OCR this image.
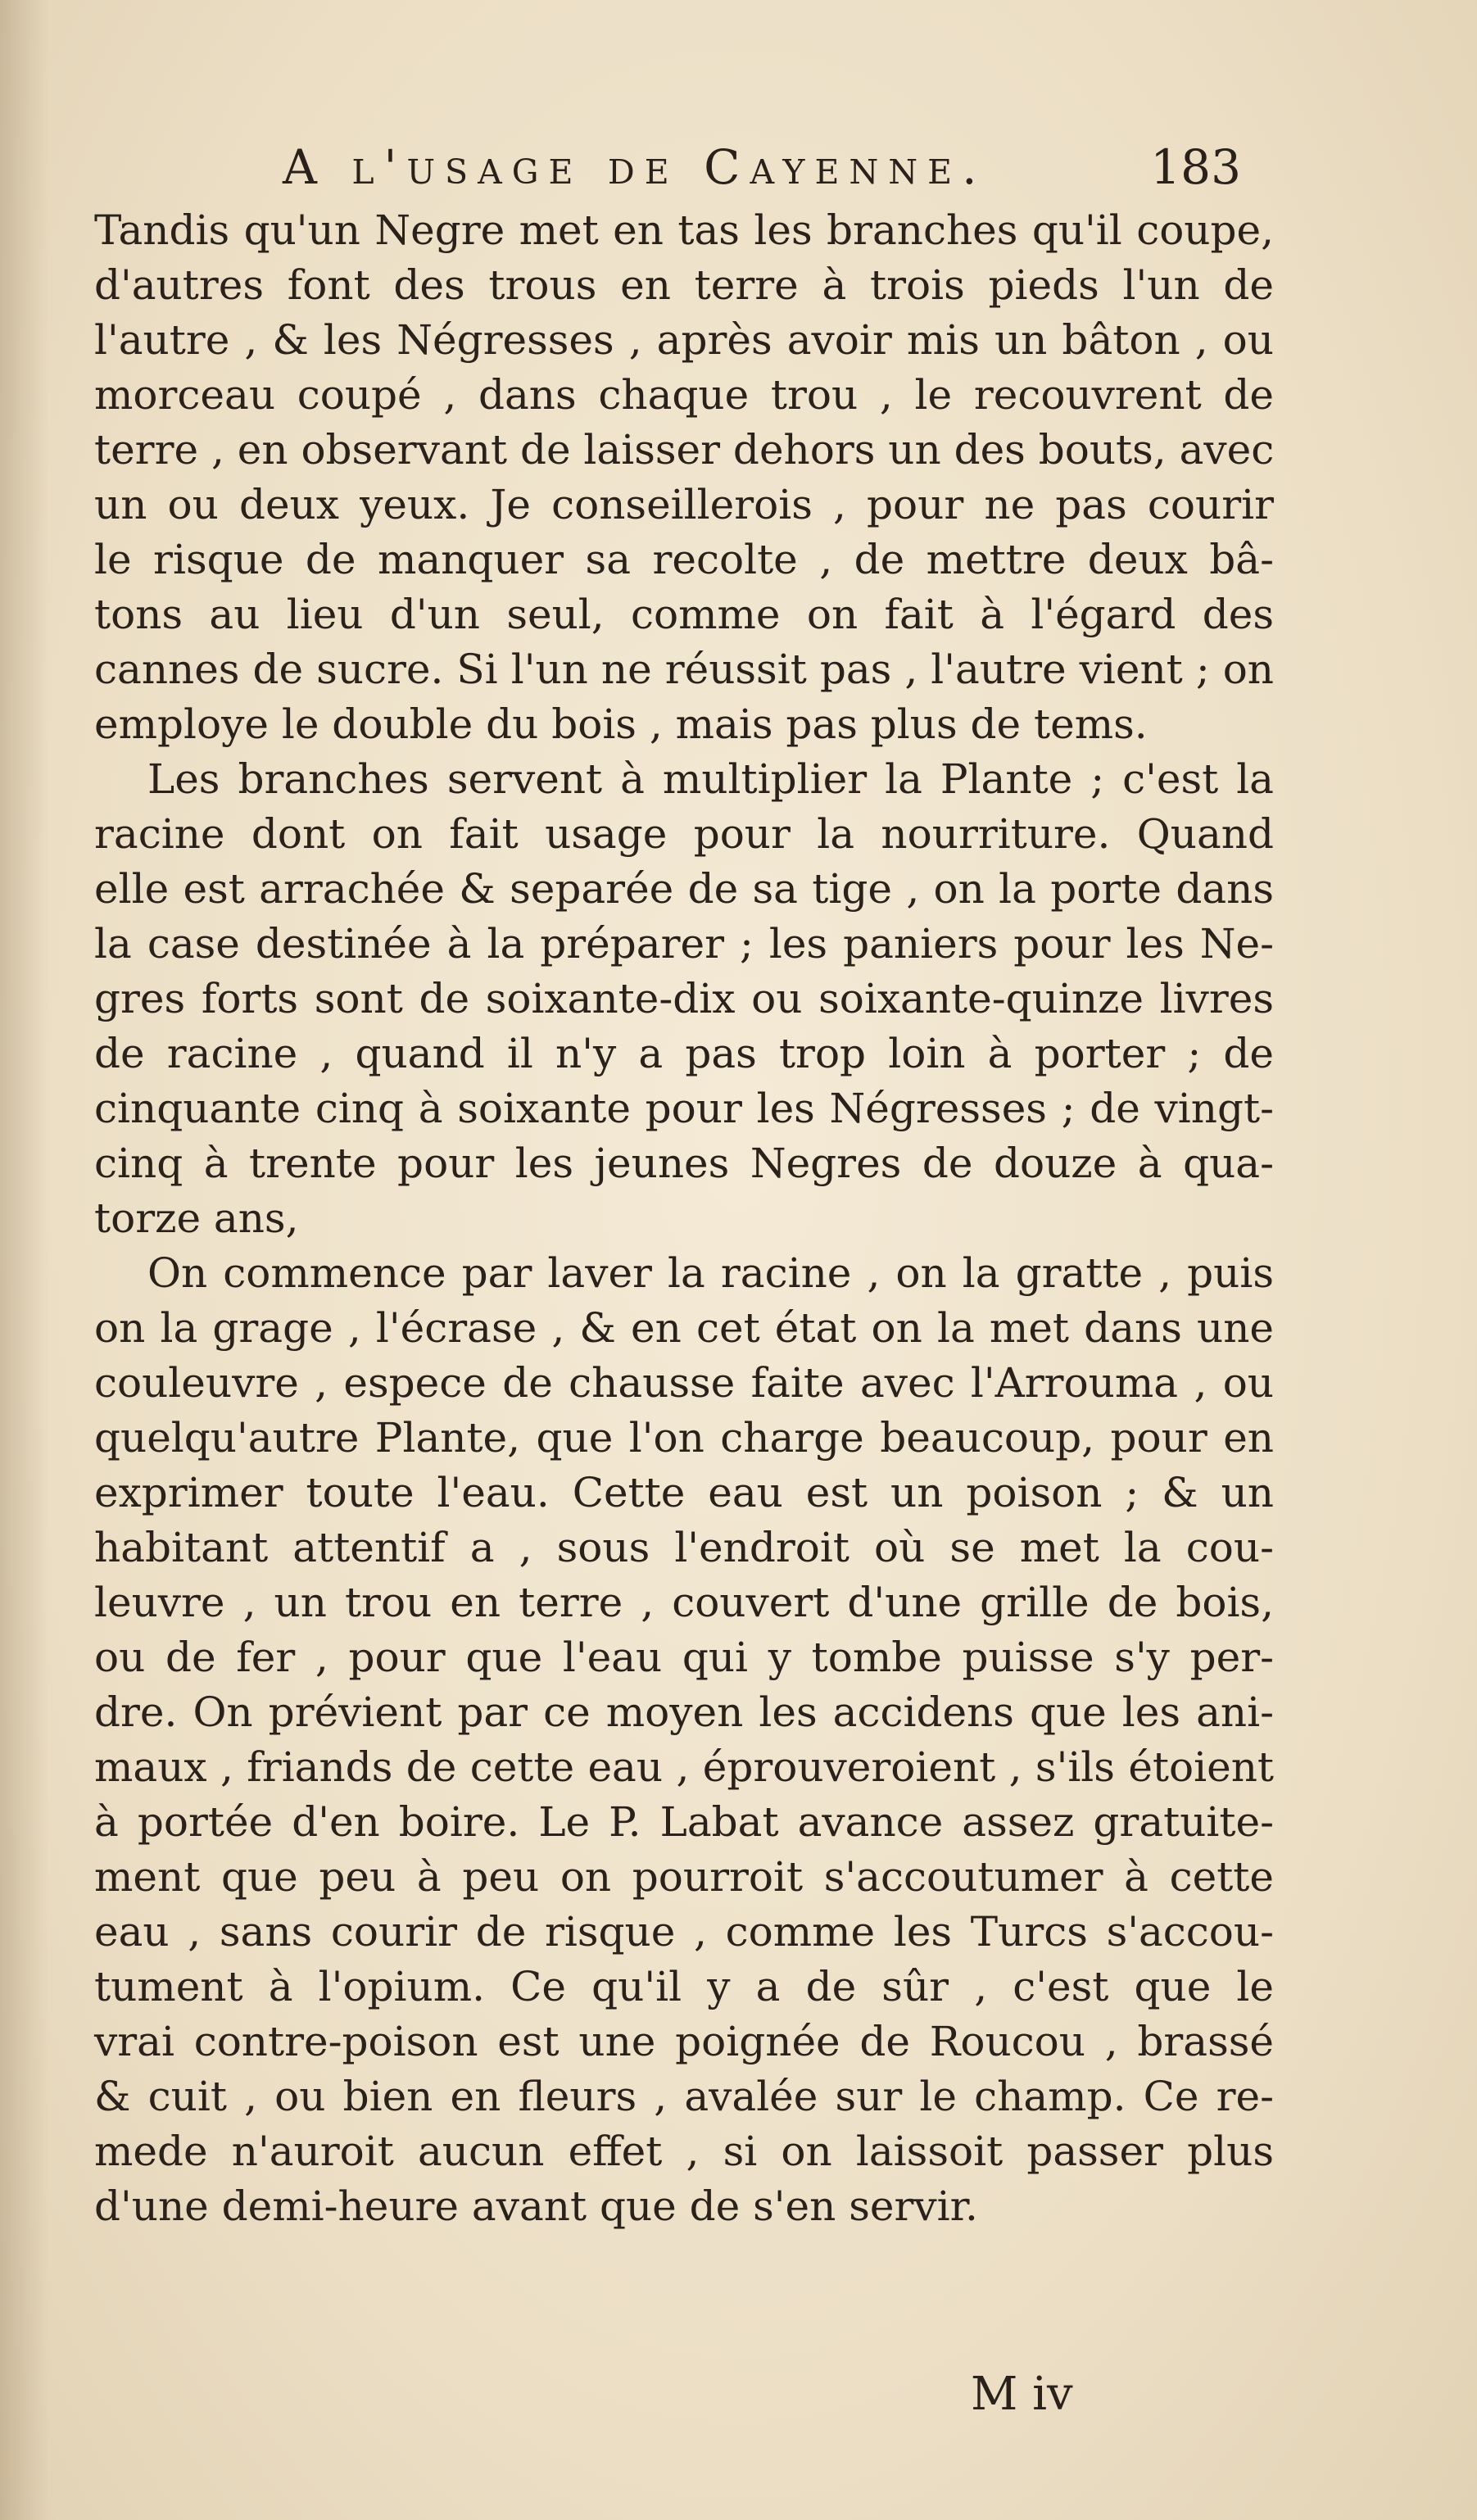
A l'usage de Cayenne.	183
Tandis qu'un Negre met en tas les branches qu'il coupe,
d'autres font des trous en terre à trois pieds l'un de
l'autre , & les Négresses , après avoir mis un bâton , ou
morceau coupé , dans chaque trou , le recouvrent de
terre , en observant de laisser dehors un des bouts, avec
un ou deux yeux. Je conseillerois , pour ne pas courir
le risque de manquer sa recolte , de mettre deux bâ-
tons au lieu d'un seul, comme on fait à l'égard des
cannes de sucre. Si l'un ne réussit pas , l'autre vient ; on
employe le double du bois , mais pas plus de tems.
Les branches servent à multiplier la Plante ; c'est la
racine dont on fait usage pour la nourriture. Quand
elle est arrachée & separée de sa tige , on la porte dans
la case destinée à la préparer ; les paniers pour les Ne-
gres forts sont de soixante-dix ou soixante-quinze livres
de racine , quand il n'y a pas trop loin à porter ; de
cinquante cinq à soixante pour les Négresses ; de vingt-
cinq à trente pour les jeunes Negres de douze à qua-
torze ans,
On commence par laver la racine , on la gratte , puis
on la grage , l'écrase , & en cet état on la met dans une
couleuvre , espece de chausse faite avec l'Arrouma , ou
quelqu'autre Plante, que l'on charge beaucoup, pour en
exprimer toute l'eau. Cette eau est un poison ; & un
habitant attentif a , sous l'endroit où se met la cou-
leuvre , un trou en terre , couvert d'une grille de bois,
ou de fer , pour que l'eau qui y tombe puisse s'y per-
dre. On prévient par ce moyen les accidens que les ani-
maux , friands de cette eau , éprouveroient , s'ils étoient
à portée d'en boire. Le P. Labat avance assez gratuite-
ment que peu à peu on pourroit s'accoutumer à cette
eau , sans courir de risque , comme les Turcs s'accou-
tument à l'opium. Ce qu'il y a de sûr , c'est que le
vrai contre-poison est une poignée de Roucou , brassé
& cuit , ou bien en fleurs , avalée sur le champ. Ce re-
mede n'auroit aucun effet , si on laissoit passer plus
d'une demi-heure avant que de s'en servir.
M iv
